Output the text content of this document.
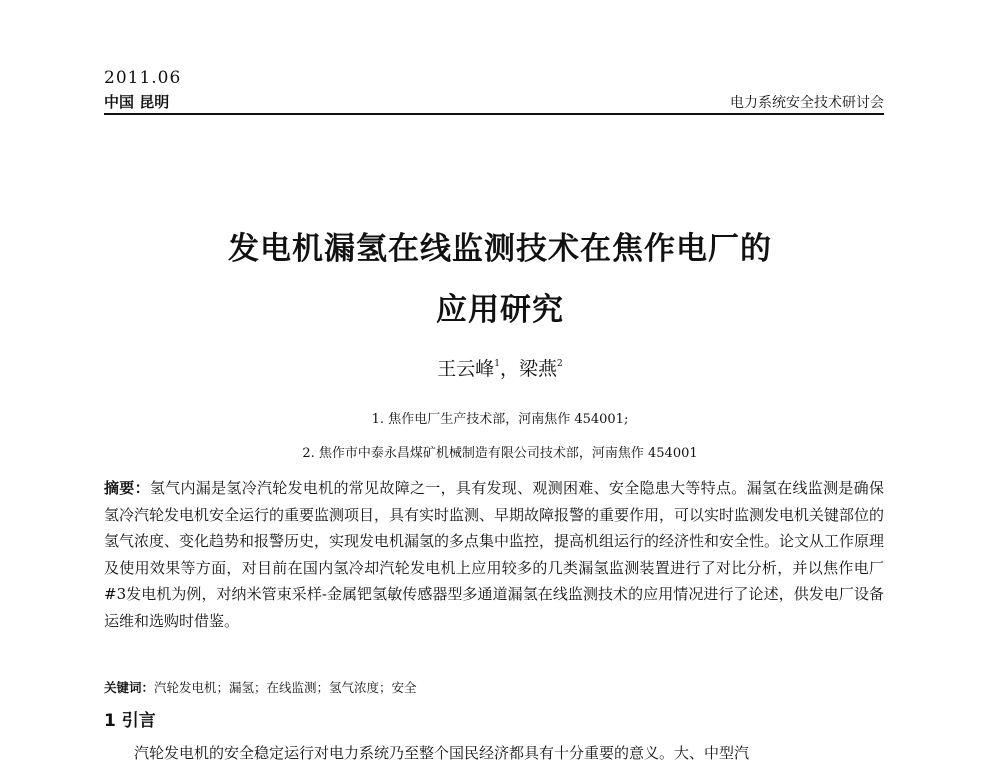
2011.06
中国 昆明	电力系统安全技术研讨会
发电机漏氢在线监测技术在焦作电厂的
应用研究
王云峰$^1$，梁燕$^2$
1. 焦作电厂生产技术部，河南焦作 454001;
2. 焦作市中泰永昌煤矿机械制造有限公司技术部，河南焦作 454001
摘要：氢气内漏是氢冷汽轮发电机的常见故障之一，具有发现、观测困难、安全隐患大等特点。漏氢在线监测是确保氢冷汽轮发电机安全运行的重要监测项目，具有实时监测、早期故障报警的重要作用，可以实时监测发电机关键部位的氢气浓度、变化趋势和报警历史，实现发电机漏氢的多点集中监控，提高机组运行的经济性和安全性。论文从工作原理及使用效果等方面，对目前在国内氢冷却汽轮发电机上应用较多的几类漏氢监测装置进行了对比分析，并以焦作电厂#3发电机为例，对纳米管束采样-金属钯氢敏传感器型多通道漏氢在线监测技术的应用情况进行了论述，供发电厂设备运维和选购时借鉴。
关键词：汽轮发电机；漏氢；在线监测；氢气浓度；安全
1 引言
汽轮发电机的安全稳定运行对电力系统乃至整个国民经济都具有十分重要的意义。大、中型汽
